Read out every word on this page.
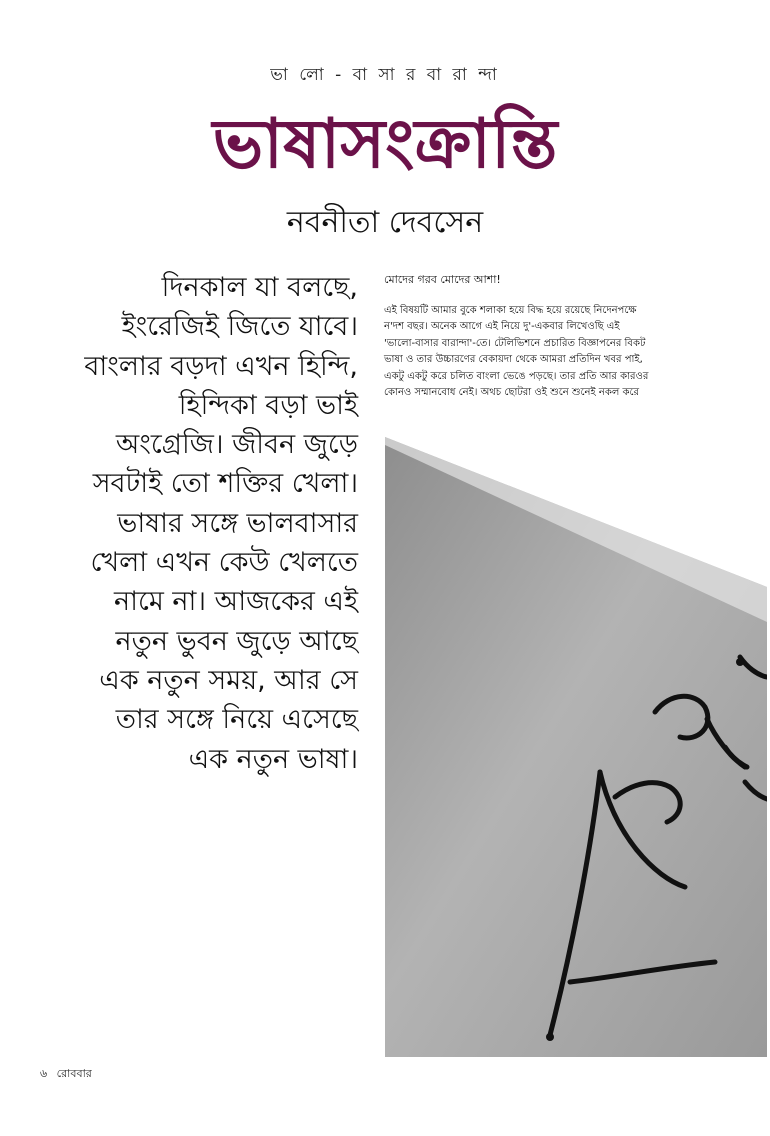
ভা লো - বা সা র বা রা ন্দা
ভাষাসংক্রান্তি
নবনীতা দেবসেন
দিনকাল যা বলছে,
ইংরেজিই জিতে যাবে।
বাংলার বড়দা এখন হিন্দি,
হিন্দিকা বড়া ভাই
অংগ্রেজি। জীবন জুড়ে
সবটাই তো শক্তির খেলা।
ভাষার সঙ্গে ভালবাসার
খেলা এখন কেউ খেলতে
নামে না। আজকের এই
নতুন ভুবন জুড়ে আছে
এক নতুন সময়, আর সে
তার সঙ্গে নিয়ে এসেছে
এক নতুন ভাষা।
মোদের গরব মোদের আশা!
এই বিষয়টি আমার বুকে শলাকা হয়ে বিদ্ধ হয়ে রয়েছে নিদেনপক্ষে
ন'দশ বছর। অনেক আগে এই নিয়ে দু'-একবার লিখেওছি এই
'ভালো-বাসার বারান্দা'-তে। টেলিভিশনে প্রচারিত বিজ্ঞাপনের বিকট
ভাষা ও তার উচ্চারণের বেকায়দা থেকে আমরা প্রতিদিন খবর পাই,
একটু একটু করে চলিত বাংলা ভেঙে পড়ছে। তার প্রতি আর কারওর
কোনও সম্মানবোধ নেই। অথচ ছোটরা ওই শুনে শুনেই নকল করে
৬ রোববার
